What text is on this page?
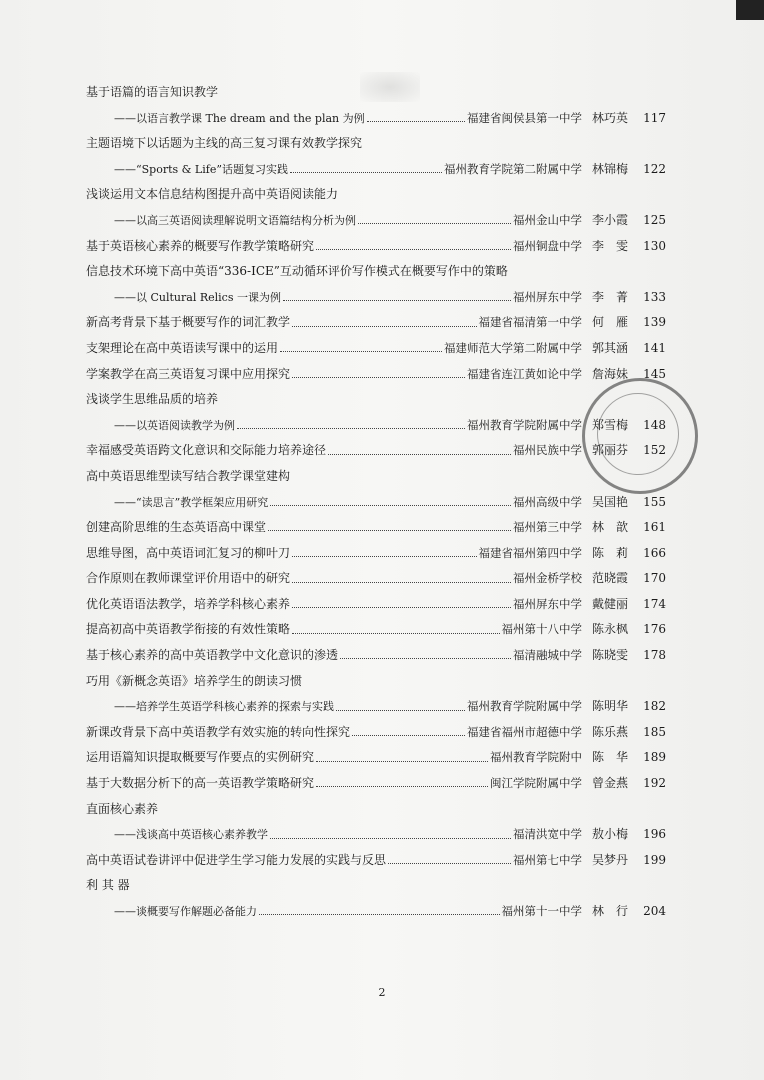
基于语篇的语言知识教学
——以语言教学课 The dream and the plan 为例	福建省闽侯县第一中学 林巧英	117
主题语境下以话题为主线的高三复习课有效教学探究
——“Sports & Life”话题复习实践	福州教育学院第二附属中学 林锦梅	122
浅谈运用文本信息结构图提升高中英语阅读能力
——以高三英语阅读理解说明文语篇结构分析为例	福州金山中学 李小霞	125
基于英语核心素养的概要写作教学策略研究	福州铜盘中学 李　雯	130
信息技术环境下高中英语“336-ICE”互动循环评价写作模式在概要写作中的策略
——以 Cultural Relics 一课为例	福州屏东中学 李　菁	133
新高考背景下基于概要写作的词汇教学	福建省福清第一中学 何　雁	139
支架理论在高中英语读写课中的运用	福建师范大学第二附属中学 郭其涵	141
学案教学在高三英语复习课中应用探究	福建省连江黄如论中学 詹海妹	145
浅谈学生思维品质的培养
——以英语阅读教学为例	福州教育学院附属中学 郑雪梅	148
幸福感受英语跨文化意识和交际能力培养途径	福州民族中学 郭丽芬	152
高中英语思维型读写结合教学课堂建构
——“读思言”教学框架应用研究	福州高级中学 吴国艳	155
创建高阶思维的生态英语高中课堂	福州第三中学 林　歆	161
思维导图，高中英语词汇复习的柳叶刀	福建省福州第四中学 陈　莉	166
合作原则在教师课堂评价用语中的研究	福州金桥学校 范晓霞	170
优化英语语法教学，培养学科核心素养	福州屏东中学 戴健丽	174
提高初高中英语教学衔接的有效性策略	福州第十八中学 陈永枫	176
基于核心素养的高中英语教学中文化意识的渗透	福清融城中学 陈晓雯	178
巧用《新概念英语》培养学生的朗读习惯
——培养学生英语学科核心素养的探索与实践	福州教育学院附属中学 陈明华	182
新课改背景下高中英语教学有效实施的转向性探究	福建省福州市超德中学 陈乐燕	185
运用语篇知识提取概要写作要点的实例研究	福州教育学院附中 陈　华	189
基于大数据分析下的高一英语教学策略研究	闽江学院附属中学 曾金燕	192
直面核心素养
——浅谈高中英语核心素养教学	福清洪宽中学 敖小梅	196
高中英语试卷讲评中促进学生学习能力发展的实践与反思	福州第七中学 吴梦丹	199
利 其 器
——谈概要写作解题必备能力	福州第十一中学 林　行	204
2
